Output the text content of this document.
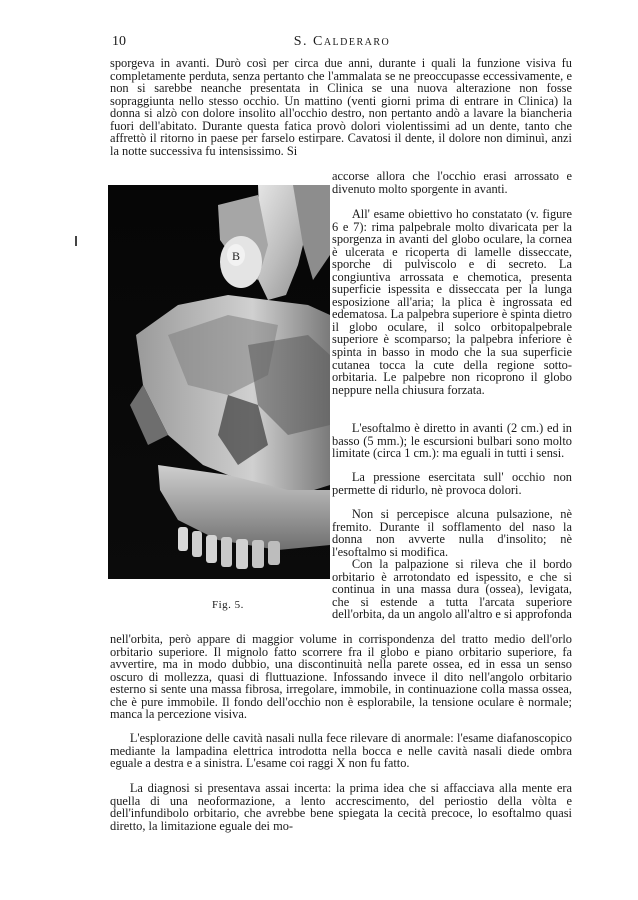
10	S. Calderaro

sporgeva in avanti. Durò così per circa due anni, durante i quali la funzione visiva fu completamente perduta, senza pertanto che l'ammalata se ne preoccupasse eccessivamente, e non si sarebbe neanche presentata in Clinica se una nuova alterazione non fosse sopraggiunta nello stesso occhio. Un mattino (venti giorni prima di entrare in Clinica) la donna si alzò con dolore insolito all'occhio destro, non pertanto andò a lavare la biancheria fuori dell'abitato. Durante questa fatica provò dolori violentissimi ad un dente, tanto che affrettò il ritorno in paese per farselo estirpare. Cavatosi il dente, il dolore non diminuì, anzi la notte successiva fu intensissimo. Si

accorse allora che l'occhio erasi arrossato e divenuto molto sporgente in avanti.

All' esame obiettivo ho constatato (v. figure 6 e 7): rima palpebrale molto divaricata per la sporgenza in avanti del globo oculare, la cornea è ulcerata e ricoperta di lamelle disseccate, sporche di pulviscolo e di secreto. La congiuntiva arrossata e chemotica, presenta superficie ispessita e disseccata per la lunga esposizione all'aria; la plica è ingrossata ed edematosa. La palpebra superiore è spinta dietro il globo oculare, il solco orbitopalpebrale superiore è scomparso; la palpebra inferiore è spinta in basso in modo che la sua superficie cutanea tocca la cute della regione sotto-orbitaria. Le palpebre non ricoprono il globo neppure nella chiusura forzata.

L'esoftalmo è diretto in avanti (2 cm.) ed in basso (5 mm.); le escursioni bulbari sono molto limitate (circa 1 cm.): ma eguali in tutti i sensi.

La pressione esercitata sull' occhio non permette di ridurlo, nè provoca dolori.

Non si percepisce alcuna pulsazione, nè fremito. Durante il sofflamento del naso la donna non avverte nulla d'insolito; nè l'esoftalmo si modifica.

Con la palpazione si rileva che il bordo orbitario è arrotondato ed ispessito, e che si continua in una massa dura (ossea), levigata, che si estende a tutta l'arcata superiore dell'orbita, da un angolo all'altro e si approfonda

nell'orbita, però appare di maggior volume in corrispondenza del tratto medio dell'orlo orbitario superiore. Il mignolo fatto scorrere fra il globo e piano orbitario superiore, fa avvertire, ma in modo dubbio, una discontinuità nella parete ossea, ed in essa un senso oscuro di mollezza, quasi di fluttuazione. Infossando invece il dito nell'angolo orbitario esterno si sente una massa fibrosa, irregolare, immobile, in continuazione colla massa ossea, che è pure immobile. Il fondo dell'occhio non è esplorabile, la tensione oculare è normale; manca la percezione visiva.

L'esplorazione delle cavità nasali nulla fece rilevare di anormale: l'esame diafanoscopico mediante la lampadina elettrica introdotta nella bocca e nelle cavità nasali diede ombra eguale a destra e a sinistra. L'esame coi raggi X non fu fatto.

La diagnosi si presentava assai incerta: la prima idea che si affacciava alla mente era quella di una neoformazione, a lento accrescimento, del periostio della vòlta e dell'infundibolo orbitario, che avrebbe bene spiegata la cecità precoce, lo esoftalmo quasi diretto, la limitazione eguale dei mo-

B
Fig. 5.
